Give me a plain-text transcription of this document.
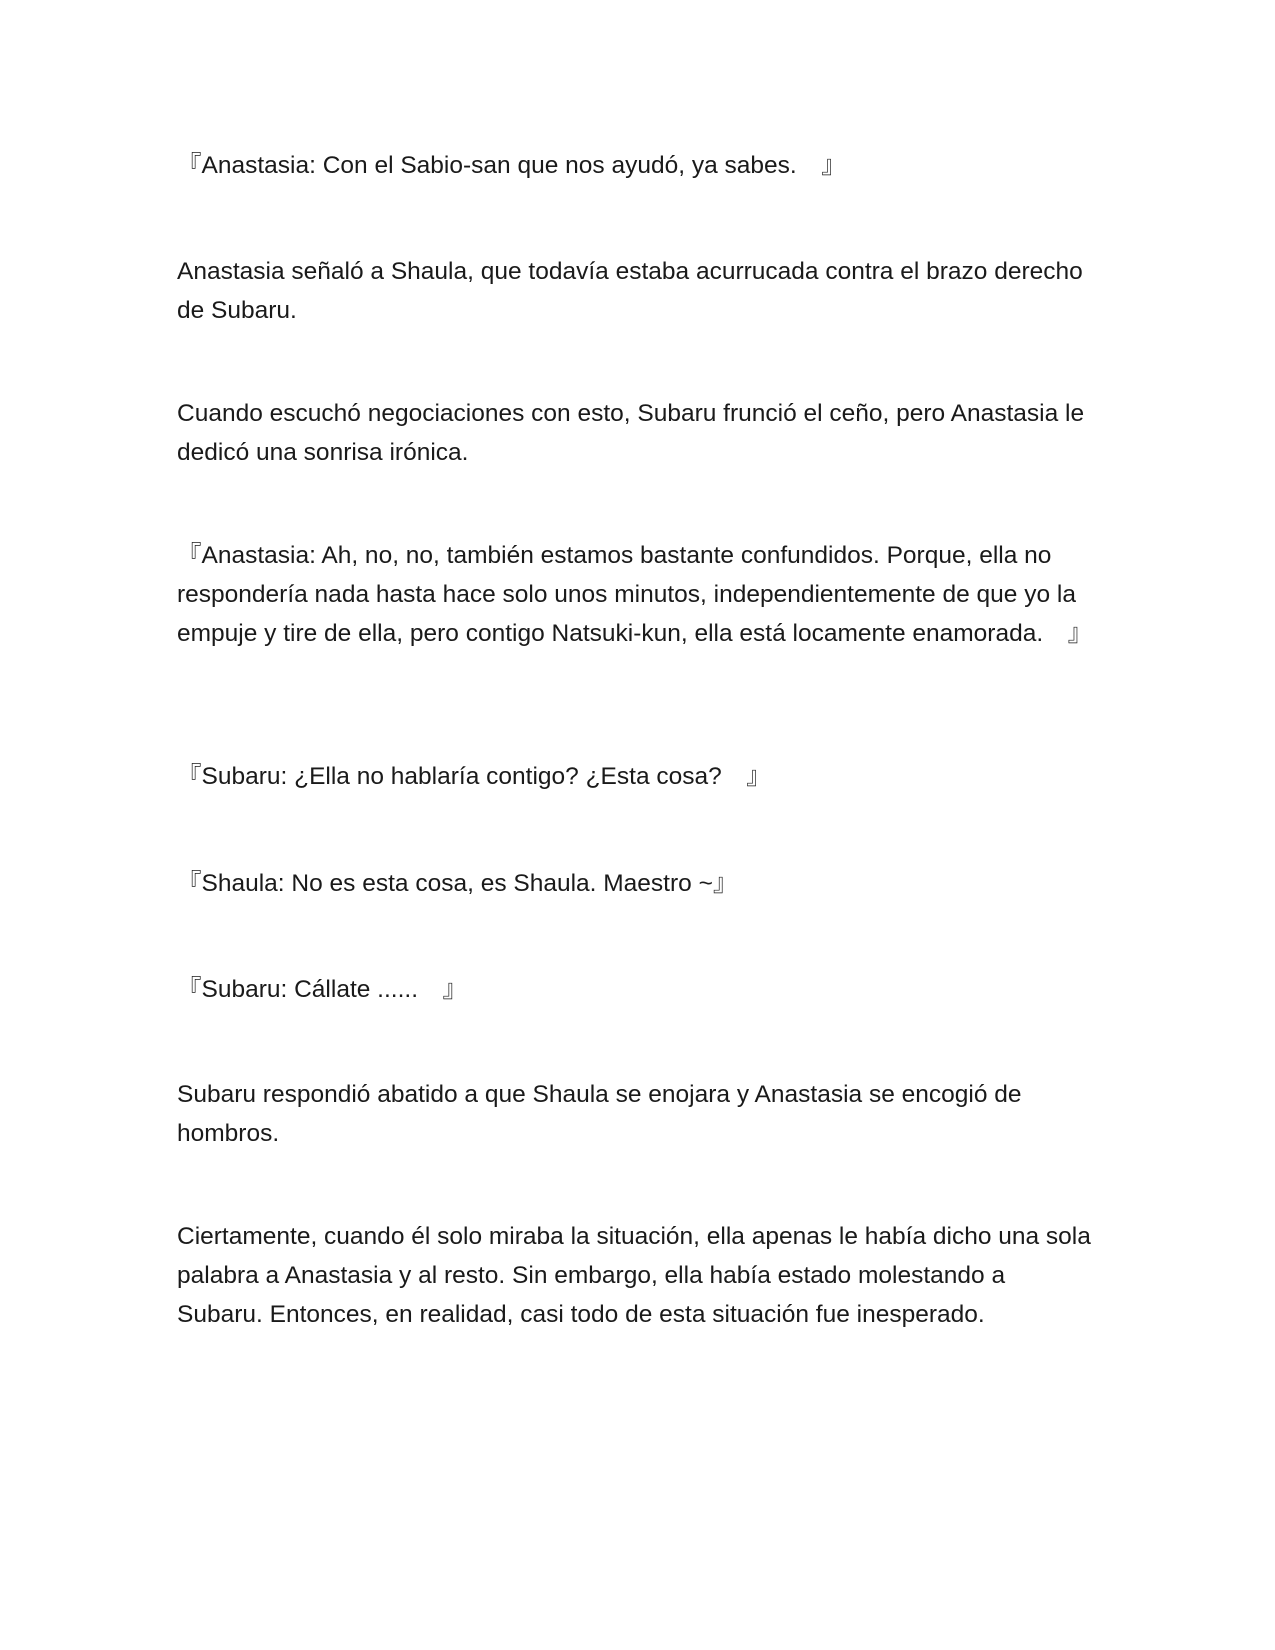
『Anastasia: Con el Sabio-san que nos ayudó, ya sabes.　』

Anastasia señaló a Shaula, que todavía estaba acurrucada contra el brazo derecho de Subaru.

Cuando escuchó negociaciones con esto, Subaru frunció el ceño, pero Anastasia le dedicó una sonrisa irónica.

『Anastasia: Ah, no, no, también estamos bastante confundidos. Porque, ella no respondería nada hasta hace solo unos minutos, independientemente de que yo la empuje y tire de ella, pero contigo Natsuki-kun, ella está locamente enamorada.　』

『Subaru: ¿Ella no hablaría contigo? ¿Esta cosa?　』

『Shaula: No es esta cosa, es Shaula. Maestro ~』

『Subaru: Cállate ......　』

Subaru respondió abatido a que Shaula se enojara y Anastasia se encogió de hombros.

Ciertamente, cuando él solo miraba la situación, ella apenas le había dicho una sola palabra a Anastasia y al resto. Sin embargo, ella había estado molestando a Subaru. Entonces, en realidad, casi todo de esta situación fue inesperado.
